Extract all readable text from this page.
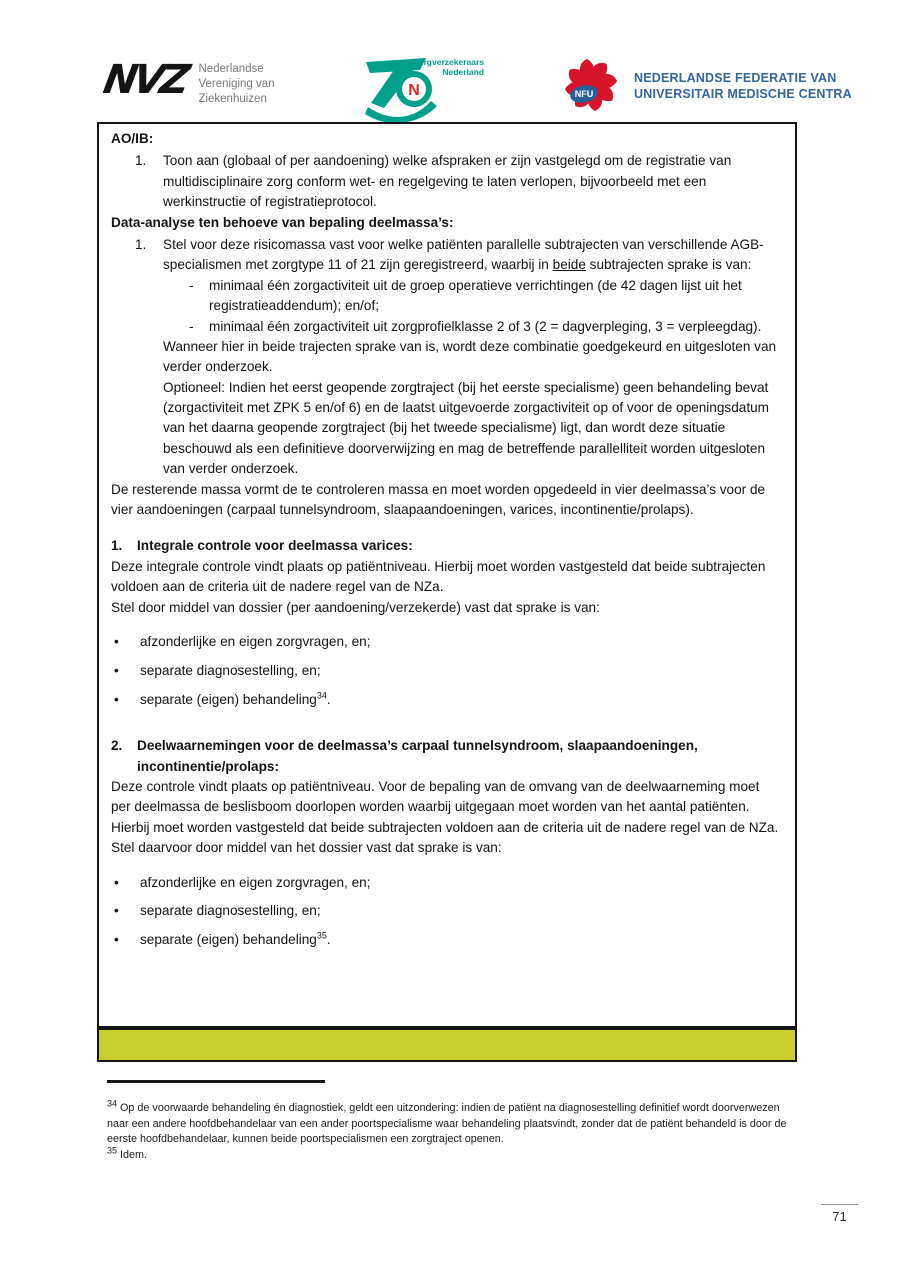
NVZ Nederlandse
Vereniging van
Ziekenhuizen	N
Zorgverzekeraars
Nederland
NFU
NEDERLANDSE FEDERATIE VAN
UNIVERSITAIR MEDISCHE CENTRA

AO/IB:

1.	Toon aan (globaal of per aandoening) welke afspraken er zijn vastgelegd om de registratie van multidisciplinaire zorg conform wet- en regelgeving te laten verlopen, bijvoorbeeld met een werkinstructie of registratieprotocol.

Data-analyse ten behoeve van bepaling deelmassa’s:

1.	Stel voor deze risicomassa vast voor welke patiënten parallelle subtrajecten van verschillende AGB-specialismen met zorgtype 11 of 21 zijn geregistreerd, waarbij in beide subtrajecten sprake is van:

-	minimaal één zorgactiviteit uit de groep operatieve verrichtingen (de 42 dagen lijst uit het registratieaddendum); en/of;
-	minimaal één zorgactiviteit uit zorgprofielklasse 2 of 3 (2 = dagverpleging, 3 = verpleegdag).

Wanneer hier in beide trajecten sprake van is, wordt deze combinatie goedgekeurd en uitgesloten van verder onderzoek.

Optioneel: Indien het eerst geopende zorgtraject (bij het eerste specialisme) geen behandeling bevat (zorgactiviteit met ZPK 5 en/of 6) en de laatst uitgevoerde zorgactiviteit op of voor de openingsdatum van het daarna geopende zorgtraject (bij het tweede specialisme) ligt, dan wordt deze situatie beschouwd als een definitieve doorverwijzing en mag de betreffende parallelliteit worden uitgesloten van verder onderzoek.

De resterende massa vormt de te controleren massa en moet worden opgedeeld in vier deelmassa’s voor de vier aandoeningen (carpaal tunnelsyndroom, slaapaandoeningen, varices, incontinentie/prolaps).

1.	Integrale controle voor deelmassa varices:

Deze integrale controle vindt plaats op patiëntniveau. Hierbij moet worden vastgesteld dat beide subtrajecten voldoen aan de criteria uit de nadere regel van de NZa.

Stel door middel van dossier (per aandoening/verzekerde) vast dat sprake is van:

•	afzonderlijke en eigen zorgvragen, en;
•	separate diagnosestelling, en;
•	separate (eigen) behandeling$^{34}$.
2.	Deelwaarnemingen voor de deelmassa’s carpaal tunnelsyndroom, slaapaandoeningen, incontinentie/prolaps:

Deze controle vindt plaats op patiëntniveau. Voor de bepaling van de omvang van de deelwaarneming moet per deelmassa de beslisboom doorlopen worden waarbij uitgegaan moet worden van het aantal patiënten. Hierbij moet worden vastgesteld dat beide subtrajecten voldoen aan de criteria uit de nadere regel van de NZa. Stel daarvoor door middel van het dossier vast dat sprake is van:

•	afzonderlijke en eigen zorgvragen, en;
•	separate diagnosestelling, en;
•	separate (eigen) behandeling$^{35}$.

$^{34}$ Op de voorwaarde behandeling én diagnostiek, geldt een uitzondering: indien de patiënt na diagnosestelling definitief wordt doorverwezen naar een andere hoofdbehandelaar van een ander poortspecialisme waar behandeling plaatsvindt, zonder dat de patiënt behandeld is door de eerste hoofdbehandelaar, kunnen beide poortspecialismen een zorgtraject openen.

$^{35}$ Idem.

71
